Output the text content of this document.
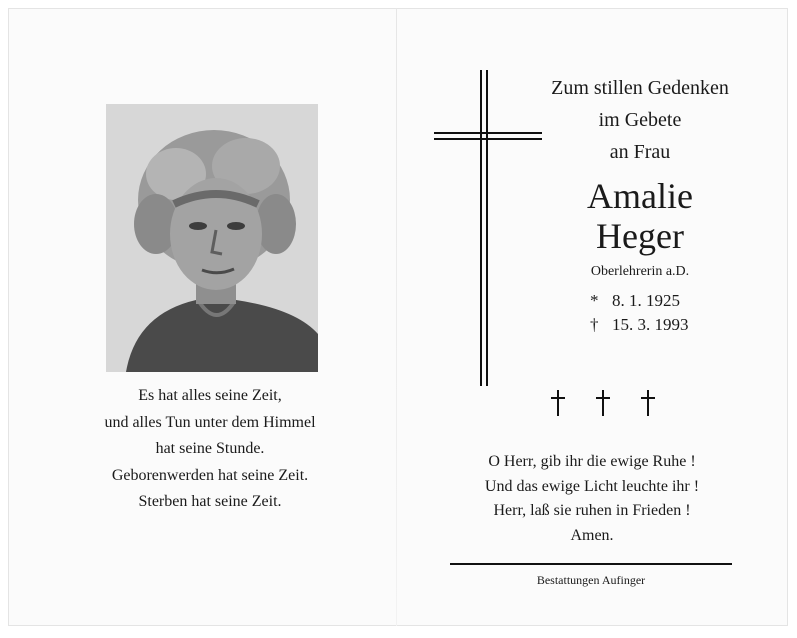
Es hat alles seine Zeit,
und alles Tun unter dem Himmel
hat seine Stunde.
Geborenwerden hat seine Zeit.
Sterben hat seine Zeit.
Zum stillen Gedenken
im Gebete
an Frau
Amalie
Heger
Oberlehrerin a.D.
* 8. 1. 1925
† 15. 3. 1993
O Herr, gib ihr die ewige Ruhe !
Und das ewige Licht leuchte ihr !
Herr, laß sie ruhen in Frieden !
Amen.
Bestattungen Aufinger
